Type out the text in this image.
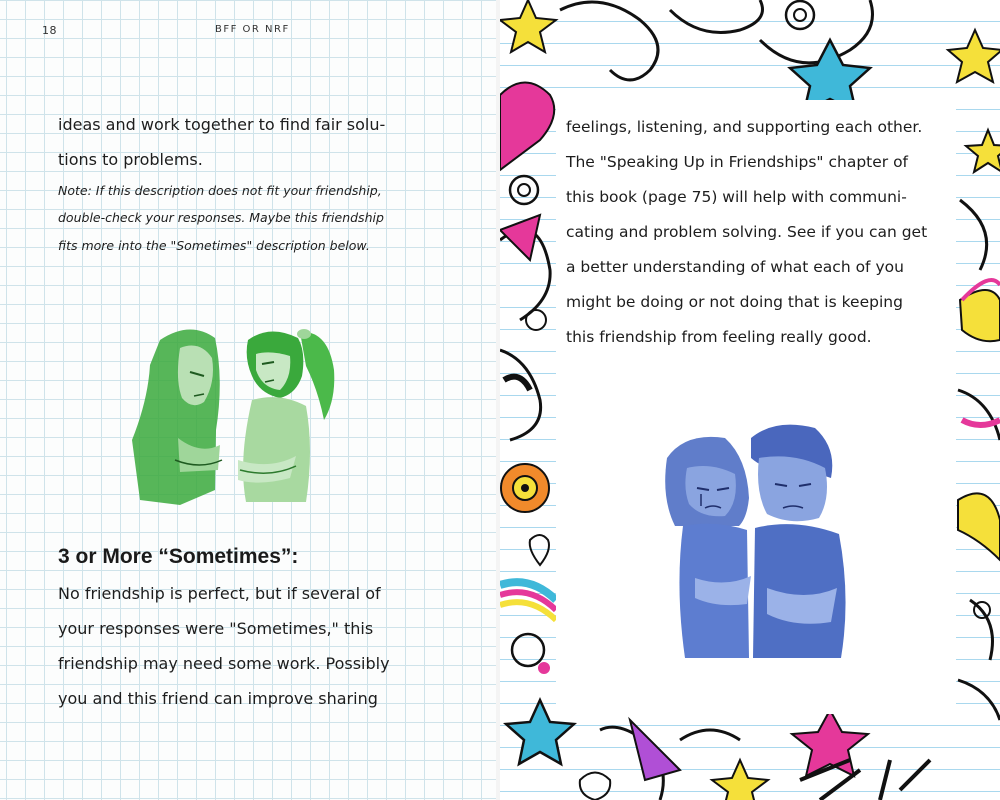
18	BFF OR NRF
ideas and work together to find fair solu-
tions to problems.
Note: If this description does not fit your friendship,
double-check your responses. Maybe this friendship
fits more into the "Sometimes" description below.
3 or More “Sometimes”:
No friendship is perfect, but if several of
your responses were "Sometimes," this
friendship may need some work. Possibly
you and this friend can improve sharing
feelings, listening, and supporting each other.
The "Speaking Up in Friendships" chapter of
this book (page 75) will help with communi-
cating and problem solving. See if you can get
a better understanding of what each of you
might be doing or not doing that is keeping
this friendship from feeling really good.
